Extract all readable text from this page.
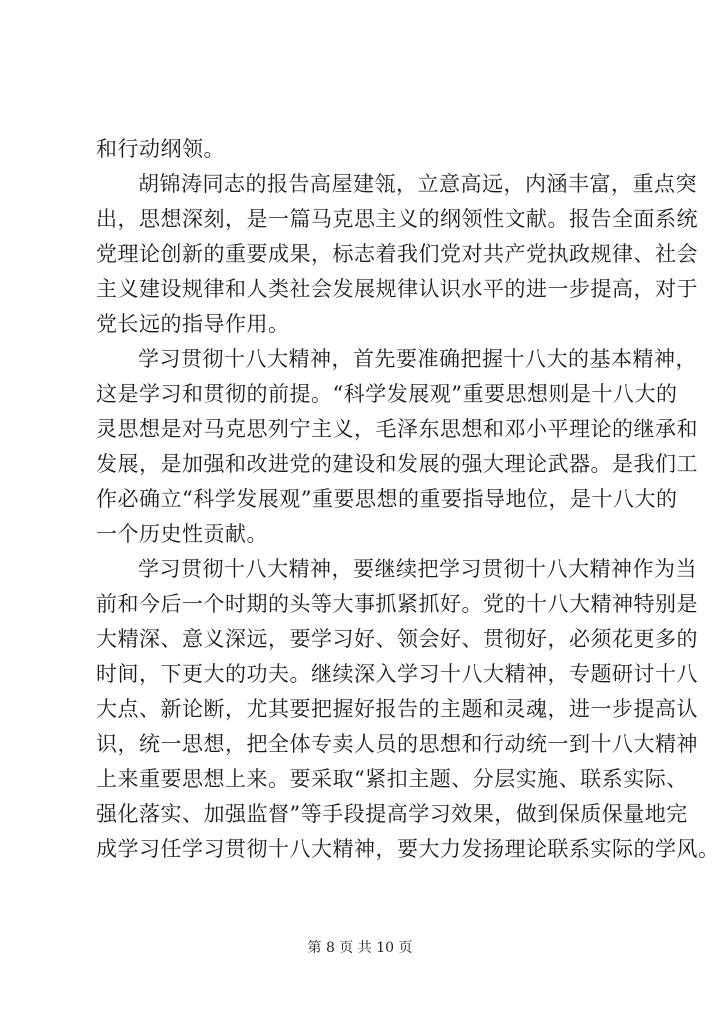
和行动纲领。
胡锦涛同志的报告高屋建瓴，立意高远，内涵丰富，重点突
出，思想深刻，是一篇马克思主义的纲领性文献。报告全面系统
党理论创新的重要成果，标志着我们党对共产党执政规律、社会
主义建设规律和人类社会发展规律认识水平的进一步提高，对于
党长远的指导作用。
学习贯彻十八大精神，首先要准确把握十八大的基本精神，
这是学习和贯彻的前提。“科学发展观”重要思想则是十八大的
灵思想是对马克思列宁主义，毛泽东思想和邓小平理论的继承和
发展，是加强和改进党的建设和发展的强大理论武器。是我们工
作必确立“科学发展观”重要思想的重要指导地位，是十八大的
一个历史性贡献。
学习贯彻十八大精神，要继续把学习贯彻十八大精神作为当
前和今后一个时期的头等大事抓紧抓好。党的十八大精神特别是
大精深、意义深远，要学习好、领会好、贯彻好，必须花更多的
时间，下更大的功夫。继续深入学习十八大精神，专题研讨十八
大点、新论断，尤其要把握好报告的主题和灵魂，进一步提高认
识，统一思想，把全体专卖人员的思想和行动统一到十八大精神
上来重要思想上来。要采取“紧扣主题、分层实施、联系实际、
强化落实、加强监督”等手段提高学习效果，做到保质保量地完
成学习任学习贯彻十八大精神，要大力发扬理论联系实际的学风。
第 8 页 共 10 页
